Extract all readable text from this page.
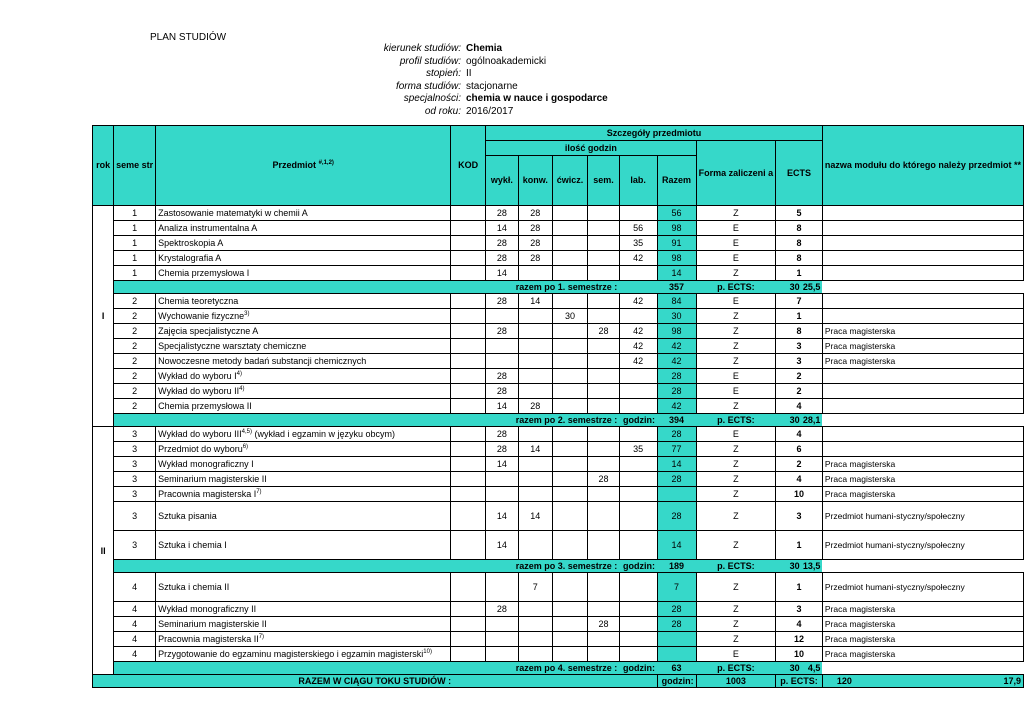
PLAN STUDIÓW
kierunek studiów: Chemia
profil studiów: ogólnoakademicki
stopień: II
forma studiów: stacjonarne
specjalności: chemia w nauce i gospodarce
od roku: 2016/2017
rok	seme str	Przedmiot $^{\#,1,2)}$	KOD	Szczegóły przedmiotu								nazwa modułu do którego należy przedmiot **
				ilość godzin						Forma zaliczeni a	ECTS	
				wykł.	konw.	ćwicz.	sem.	lab.	Razem			
I	1	Zastosowanie matematyki w chemii A		28	28				56	Z	5	
	1	Analiza instrumentalna A		14	28			56	98	E	8	
	1	Spektroskopia A		28	28			35	91	E	8	
	1	Krystalografia A		28	28			42	98	E	8	
	1	Chemia przemysłowa I		14					14	Z	1	
	razem po 1. semestrze :								357	p. ECTS:	30 25,5	

	2	Chemia teoretyczna		28	14			42	84	E	7	
	2	Wychowanie fizyczne$^{3)}$				30			30	Z	1	
	2	Zajęcia specjalistyczne A		28			28	42	98	Z	8	Praca magisterska
	2	Specjalistyczne warsztaty chemiczne						42	42	Z	3	Praca magisterska
	2	Nowoczesne metody badań substancji chemicznych						42	42	Z	3	Praca magisterska
	2	Wykład do wyboru $I^{4)}$		28					28	E	2	
	2	Wykład do wyboru II$^{4)}$		28					28	E	2	
	2	Chemia przemysłowa II		14	28				42	Z	4	
	razem po 2. semestrze :							godzin:	394	p. ECTS:	30 28,1	

II	3	Wykład do wyboru III$^{4,5)}$ (wykład i egzamin w języku obcym)		28					28	E	4	
	3	Przedmiot do wyboru$^{6)}$		28	14			35	77	Z	6	
	3	Wykład monograficzny I		14					14	Z	2	Praca magisterska
	3	Seminarium magisterskie II					28		28	Z	4	Praca magisterska
	3	Pracownia magisterska $I^{7)}$								Z	10	Praca magisterska
	3	Sztuka pisania		14	14				28	Z	3	Przedmiot humani-styczny/społeczny
	3	Sztuka i chemia I		14					14	Z	1	Przedmiot humani-styczny/społeczny
	razem po 3. semestrze :							godzin:	189	p. ECTS:	30 13,5	

	4	Sztuka i chemia II			7				7	Z	1	Przedmiot humani-styczny/społeczny
	4	Wykład monograficzny II		28					28	Z	3	Praca magisterska
	4	Seminarium magisterskie II					28		28	Z	4	Praca magisterska
	4	Pracownia magisterska II$^{7)}$								Z	12	Praca magisterska
	4	Przygotowanie do egzaminu magisterskiego i egzamin magisterski$^{10)}$								E	10	Praca magisterska
	razem po 4. semestrze :							godzin:	63	p. ECTS:	30 4,5	

RAZEM W CIĄGU TOKU STUDIÓW :									godzin:	1003	p. ECTS:	120 17,9
